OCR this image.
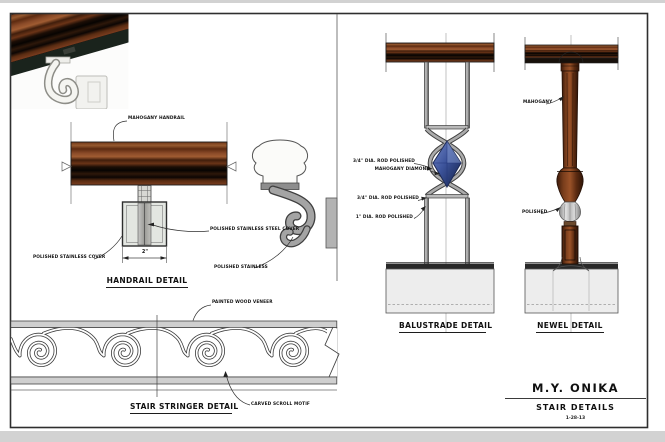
MAHOGANY HANDRAIL
POLISHED STAINLESS COVER
POLISHED STAINLESS STEEL COVER
POLISHED STAINLESS
2"
PAINTED WOOD VENEER
CARVED SCROLL MOTIF
3/4" DIA. ROD POLISHED
MAHOGANY DIAMOND
3/4" DIA. ROD POLISHED
1" DIA. ROD POLISHED
MAHOGANY
POLISHED
HANDRAIL DETAIL
STAIR STRINGER DETAIL
BALUSTRADE DETAIL	NEWEL DETAIL
M.Y. ONIKA
STAIR DETAILS
1-28-13
